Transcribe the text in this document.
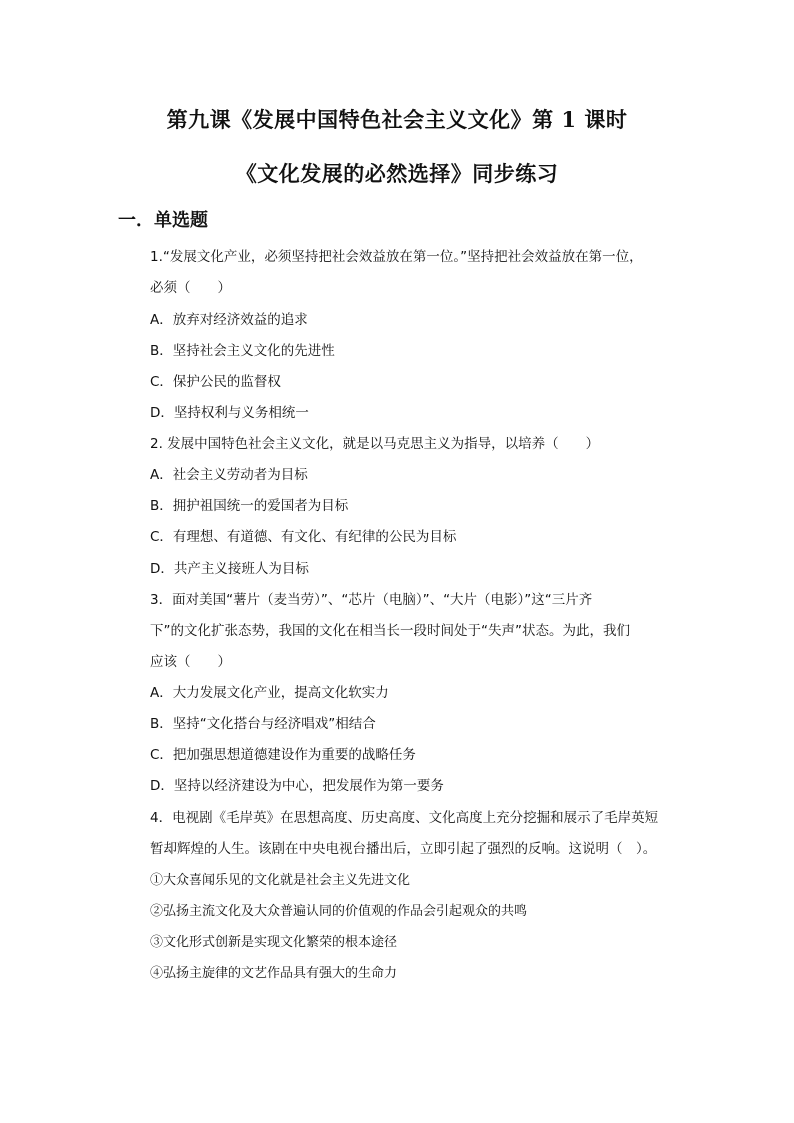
第九课《发展中国特色社会主义文化》第 1 课时
《文化发展的必然选择》同步练习
一．单选题
1.“发展文化产业，必须坚持把社会效益放在第一位。”坚持把社会效益放在第一位，
必须（　　）
A．放弃对经济效益的追求
B．坚持社会主义文化的先进性
C．保护公民的监督权
D．坚持权利与义务相统一
2. 发展中国特色社会主义文化，就是以马克思主义为指导，以培养（　　）
A．社会主义劳动者为目标
B．拥护祖国统一的爱国者为目标
C．有理想、有道德、有文化、有纪律的公民为目标
D．共产主义接班人为目标
3．面对美国“薯片（麦当劳）”、“芯片（电脑）”、“大片（电影）”这“三片齐
下”的文化扩张态势，我国的文化在相当长一段时间处于“失声”状态。为此，我们
应该（　　）
A．大力发展文化产业，提高文化软实力
B．坚持“文化搭台与经济唱戏”相结合
C．把加强思想道德建设作为重要的战略任务
D．坚持以经济建设为中心，把发展作为第一要务
4．电视剧《毛岸英》在思想高度、历史高度、文化高度上充分挖掘和展示了毛岸英短
暂却辉煌的人生。该剧在中央电视台播出后，立即引起了强烈的反响。这说明（　）。
①大众喜闻乐见的文化就是社会主义先进文化
②弘扬主流文化及大众普遍认同的价值观的作品会引起观众的共鸣
③文化形式创新是实现文化繁荣的根本途径
④弘扬主旋律的文艺作品具有强大的生命力
